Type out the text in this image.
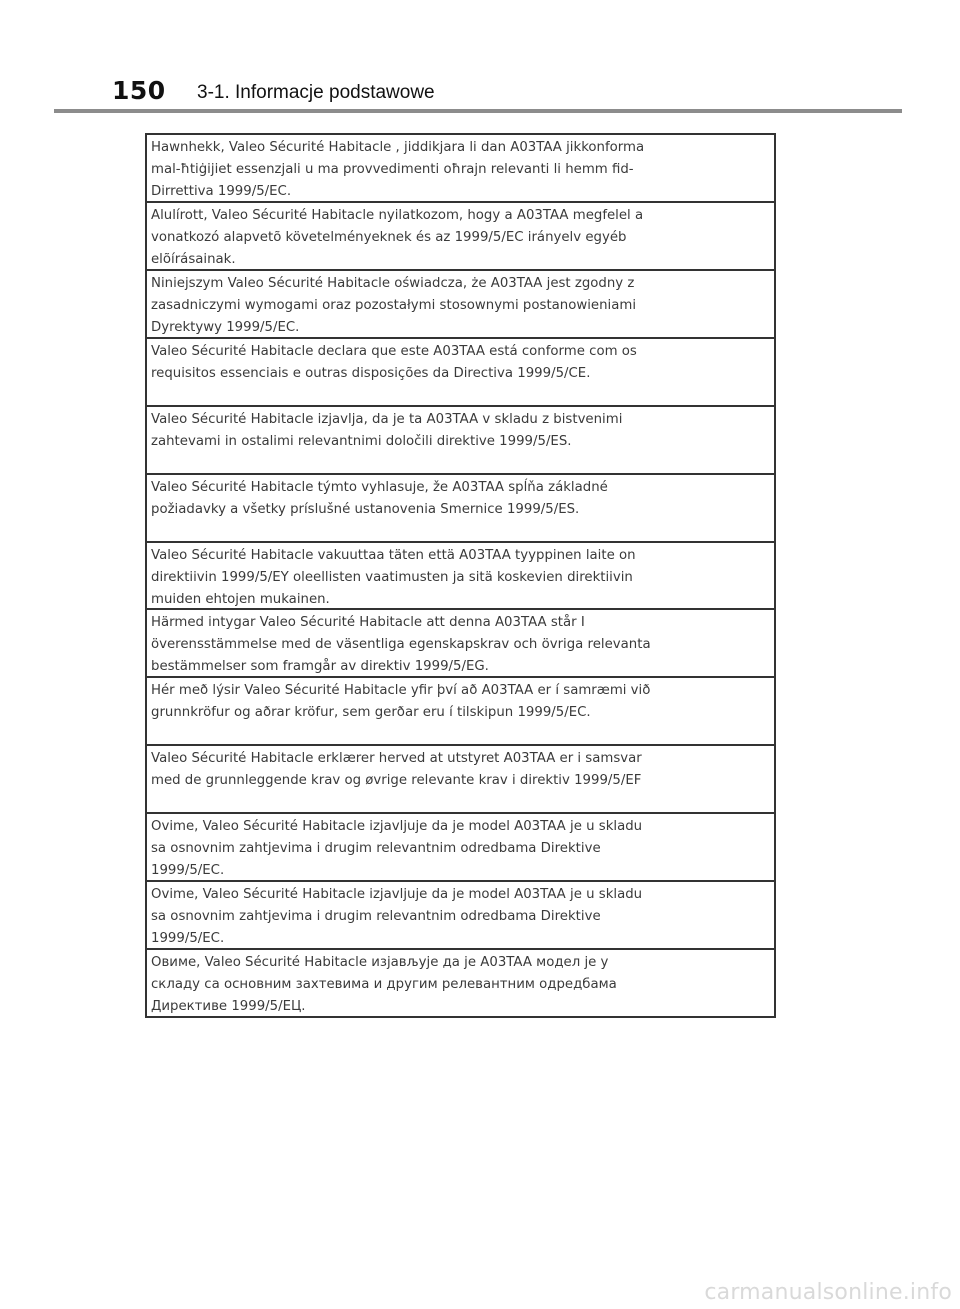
150 3-1. Informacje podstawowe

Hawnhekk, Valeo Sécurité Habitacle , jiddikjara li dan A03TAA jikkonforma
mal-ħtiġijiet essenzjali u ma provvedimenti oħrajn relevanti li hemm fid-
Dirrettiva 1999/5/EC.

Alulírott, Valeo Sécurité Habitacle nyilatkozom, hogy a A03TAA megfelel a
vonatkozó alapvetõ követelményeknek és az 1999/5/EC irányelv egyéb
elõírásainak.

Niniejszym Valeo Sécurité Habitacle oświadcza, że A03TAA jest zgodny z
zasadniczymi wymogami oraz pozostałymi stosownymi postanowieniami
Dyrektywy 1999/5/EC.

Valeo Sécurité Habitacle declara que este A03TAA está conforme com os
requisitos essenciais e outras disposições da Directiva 1999/5/CE.

Valeo Sécurité Habitacle izjavlja, da je ta A03TAA v skladu z bistvenimi
zahtevami in ostalimi relevantnimi določili direktive 1999/5/ES.

Valeo Sécurité Habitacle týmto vyhlasuje, že A03TAA spĺňa základné
požiadavky a všetky príslušné ustanovenia Smernice 1999/5/ES.

Valeo Sécurité Habitacle vakuuttaa täten että A03TAA tyyppinen laite on
direktiivin 1999/5/EY oleellisten vaatimusten ja sitä koskevien direktiivin
muiden ehtojen mukainen.

Härmed intygar Valeo Sécurité Habitacle att denna A03TAA står I
överensstämmelse med de väsentliga egenskapskrav och övriga relevanta
bestämmelser som framgår av direktiv 1999/5/EG.

Hér með lýsir Valeo Sécurité Habitacle yfir því að A03TAA er í samræmi við
grunnkröfur og aðrar kröfur, sem gerðar eru í tilskipun 1999/5/EC.

Valeo Sécurité Habitacle erklærer herved at utstyret A03TAA er i samsvar
med de grunnleggende krav og øvrige relevante krav i direktiv 1999/5/EF

Ovime, Valeo Sécurité Habitacle izjavljuje da je model A03TAA je u skladu
sa osnovnim zahtjevima i drugim relevantnim odredbama Direktive
1999/5/EC.

Ovime, Valeo Sécurité Habitacle izjavljuje da je model A03TAA je u skladu
sa osnovnim zahtjevima i drugim relevantnim odredbama Direktive
1999/5/EC.

Овиме, Valeo Sécurité Habitacle изјављује да је A03TAA модел је у
складу са основним захтевима и другим релевантним одредбама
Директиве 1999/5/ЕЦ.

carmanualsonline.info
